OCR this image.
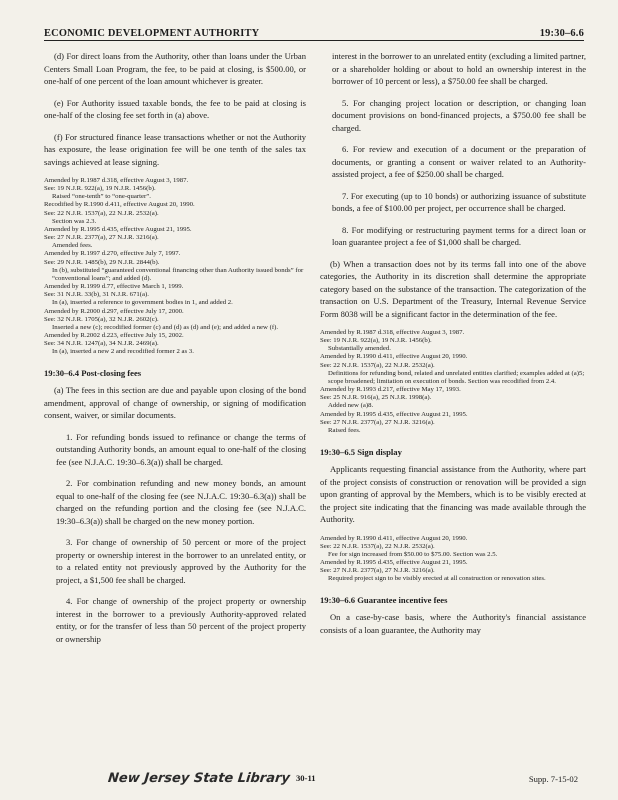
ECONOMIC DEVELOPMENT AUTHORITY	19:30–6.6

(d) For direct loans from the Authority, other than loans under the Urban Centers Small Loan Program, the fee, to be paid at closing, is $500.00, or one-half of one percent of the loan amount whichever is greater.

(e) For Authority issued taxable bonds, the fee to be paid at closing is one-half of the closing fee set forth in (a) above.

(f) For structured finance lease transactions whether or not the Authority has exposure, the lease origination fee will be one tenth of the sales tax savings achieved at lease signing.

Amended by R.1987 d.318, effective August 3, 1987.
See: 19 N.J.R. 922(a), 19 N.J.R. 1456(b).
Raised “one-tenth” to “one-quarter”.
Recodified by R.1990 d.411, effective August 20, 1990.
See: 22 N.J.R. 1537(a), 22 N.J.R. 2532(a).
Section was 2.3.
Amended by R.1995 d.435, effective August 21, 1995.
See: 27 N.J.R. 2377(a), 27 N.J.R. 3216(a).
Amended fees.
Amended by R.1997 d.270, effective July 7, 1997.
See: 29 N.J.R. 1485(b), 29 N.J.R. 2844(b).
In (b), substituted “guaranteed conventional financing other than Authority issued bonds” for “conventional loans”; and added (d).
Amended by R.1999 d.77, effective March 1, 1999.
See: 31 N.J.R. 33(b), 31 N.J.R. 671(a).
In (a), inserted a reference to government bodies in 1, and added 2.
Amended by R.2000 d.297, effective July 17, 2000.
See: 32 N.J.R. 1705(a), 32 N.J.R. 2602(c).
Inserted a new (c); recodified former (c) and (d) as (d) and (e); and added a new (f).
Amended by R.2002 d.223, effective July 15, 2002.
See: 34 N.J.R. 1247(a), 34 N.J.R. 2469(a).
In (a), inserted a new 2 and recodified former 2 as 3.
19:30–6.4 Post-closing fees

(a) The fees in this section are due and payable upon closing of the bond amendment, approval of change of ownership, or signing of modification consent, waiver, or similar documents.

1. For refunding bonds issued to refinance or change the terms of outstanding Authority bonds, an amount equal to one-half of the closing fee (see N.J.A.C. 19:30–6.3(a)) shall be charged.

2. For combination refunding and new money bonds, an amount equal to one-half of the closing fee (see N.J.A.C. 19:30–6.3(a)) shall be charged on the refunding portion and the closing fee (see N.J.A.C. 19:30–6.3(a)) shall be charged on the new money portion.

3. For change of ownership of 50 percent or more of the project property or ownership interest in the borrower to an unrelated entity, or to a related entity not previously approved by the Authority for the project, a $1,500 fee shall be charged.

4. For change of ownership of the project property or ownership interest in the borrower to a previously Authority-approved related entity, or for the transfer of less than 50 percent of the project property or ownership

interest in the borrower to an unrelated entity (excluding a limited partner, or a shareholder holding or about to hold an ownership interest in the borrower of 10 percent or less), a $750.00 fee shall be charged.

5. For changing project location or description, or changing loan document provisions on bond-financed projects, a $750.00 fee shall be charged.

6. For review and execution of a document or the preparation of documents, or granting a consent or waiver related to an Authority-assisted project, a fee of $250.00 shall be charged.

7. For executing (up to 10 bonds) or authorizing issuance of substitute bonds, a fee of $100.00 per project, per occurrence shall be charged.

8. For modifying or restructuring payment terms for a direct loan or loan guarantee project a fee of $1,000 shall be charged.

(b) When a transaction does not by its terms fall into one of the above categories, the Authority in its discretion shall determine the appropriate category based on the substance of the transaction. The categorization of the transaction on U.S. Department of the Treasury, Internal Revenue Service Form 8038 will be a significant factor in the determination of the fee.

Amended by R.1987 d.318, effective August 3, 1987.
See: 19 N.J.R. 922(a), 19 N.J.R. 1456(b).
Substantially amended.
Amended by R.1990 d.411, effective August 20, 1990.
See: 22 N.J.R. 1537(a), 22 N.J.R. 2532(a).
Definitions for refunding bond, related and unrelated entities clarified; examples added at (a)5; scope broadened; limitation on execution of bonds. Section was recodified from 2.4.
Amended by R.1993 d.217, effective May 17, 1993.
See: 25 N.J.R. 916(a), 25 N.J.R. 1998(a).
Added new (a)8.
Amended by R.1995 d.435, effective August 21, 1995.
See: 27 N.J.R. 2377(a), 27 N.J.R. 3216(a).
Raised fees.
19:30–6.5 Sign display

Applicants requesting financial assistance from the Authority, where part of the project consists of construction or renovation will be provided a sign upon granting of approval by the Members, which is to be visibly erected at the project site indicating that the financing was made available through the Authority.

Amended by R.1990 d.411, effective August 20, 1990.
See: 22 N.J.R. 1537(a), 22 N.J.R. 2532(a).
Fee for sign increased from $50.00 to $75.00. Section was 2.5.
Amended by R.1995 d.435, effective August 21, 1995.
See: 27 N.J.R. 2377(a), 27 N.J.R. 3216(a).
Required project sign to be visibly erected at all construction or renovation sites.
19:30–6.6 Guarantee incentive fees

On a case-by-case basis, where the Authority's financial assistance consists of a loan guarantee, the Authority may

New Jersey State Library 30-11	Supp. 7-15-02
